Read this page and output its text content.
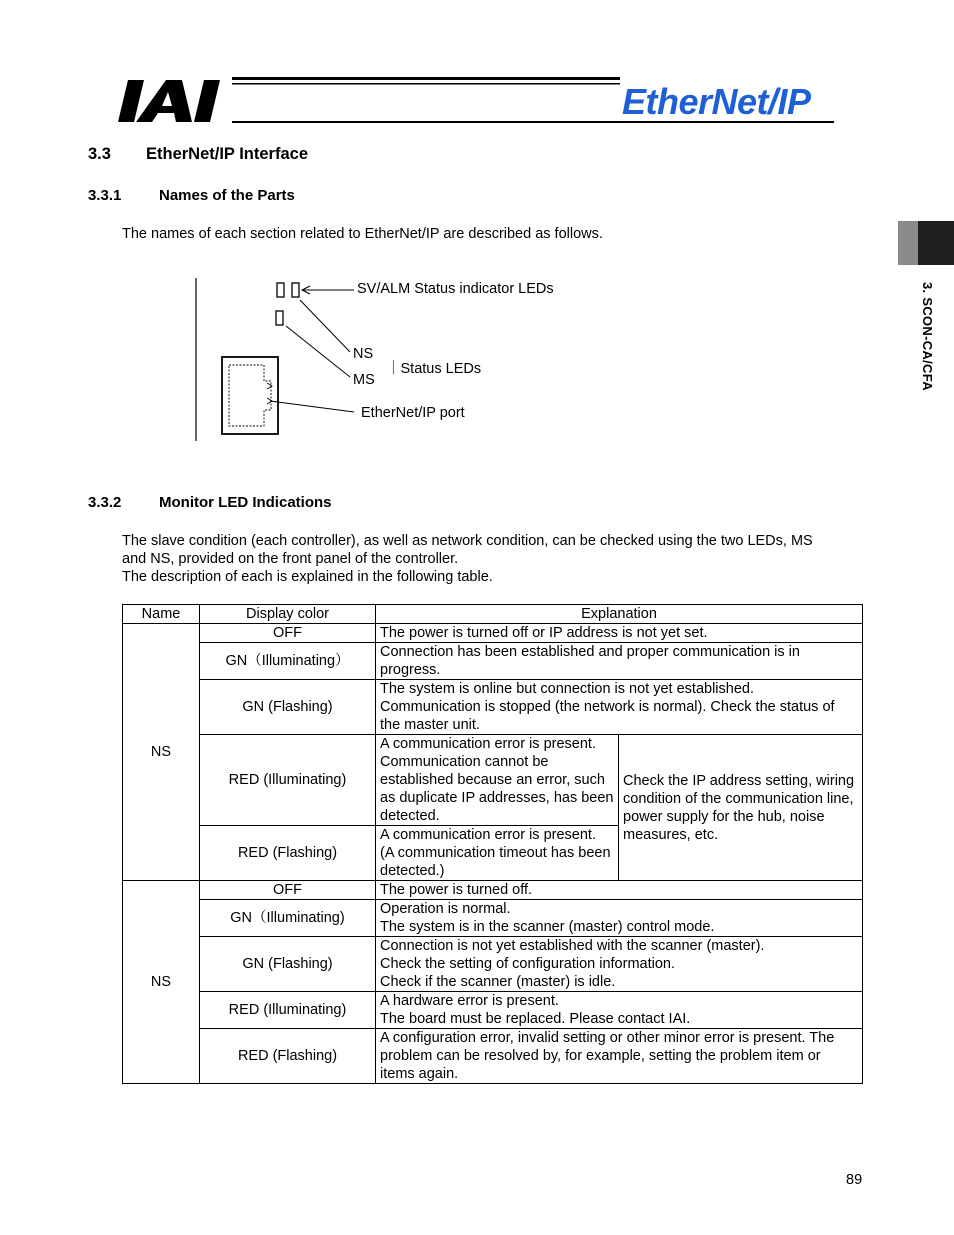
EtherNet/IP
3. SCON-CA/CFA
3.3 EtherNet/IP Interface
3.3.1	Names of the Parts
The names of each section related to EtherNet/IP are described as follows.
SV/ALM Status indicator LEDs
NS
MS
｜Status LEDs
EtherNet/IP port
3.3.2	Monitor LED Indications
The slave condition (each controller), as well as network condition, can be checked using the two LEDs, MS
and NS, provided on the front panel of the controller.
The description of each is explained in the following table.
Name	Display color	Explanation	
NS	OFF	The power is turned off or IP address is not yet set.	
	GN（Illuminating）	Connection has been established and proper communication is in progress.	
	GN (Flashing)	The system is online but connection is not yet established. Communication is stopped (the network is normal). Check the status of the master unit.	
	RED (Illuminating)	A communication error is present. Communication cannot be established because an error, such as duplicate IP addresses, has been detected.	Check the IP address setting, wiring condition of the communication line, power supply for the hub, noise measures, etc.
	RED (Flashing)	A communication error is present. (A communication timeout has been detected.)	
NS	OFF	The power is turned off.	
	GN（Illuminating)	Operation is normal.
The system is in the scanner (master) control mode.	

	GN (Flashing)	Connection is not yet established with the scanner (master).
Check the setting of configuration information.
Check if the scanner (master) is idle.	

	RED (Illuminating)	A hardware error is present.
The board must be replaced. Please contact IAI.	

	RED (Flashing)	A configuration error, invalid setting or other minor error is present. The problem can be resolved by, for example, setting the problem item or items again.	
89
